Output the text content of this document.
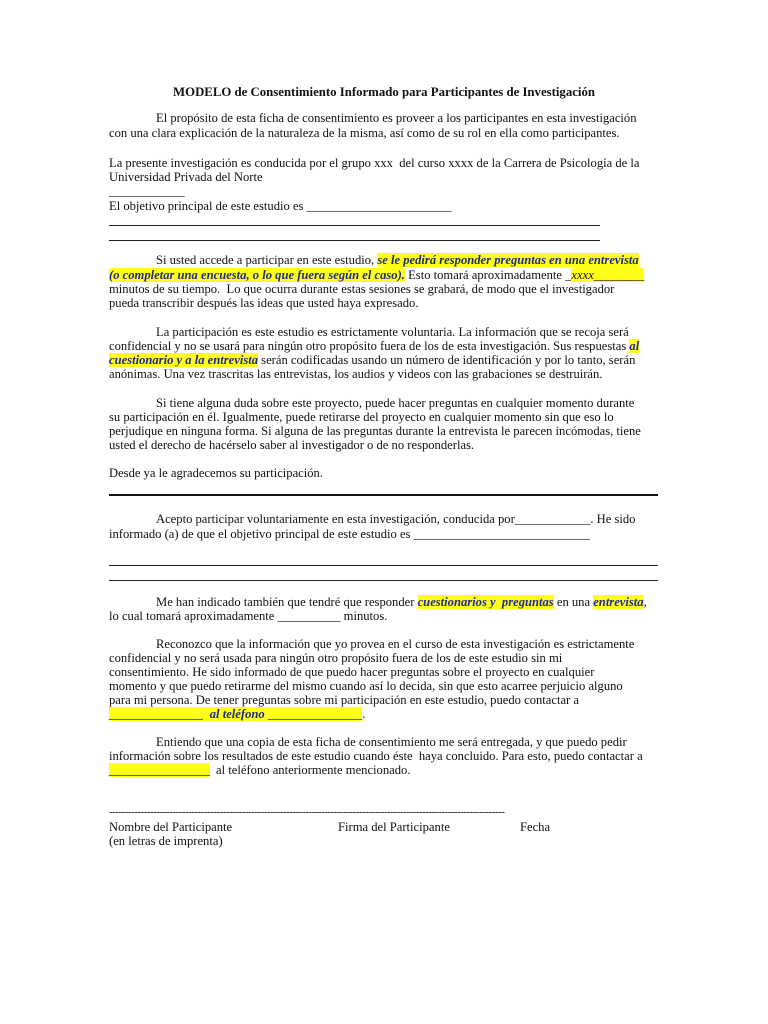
MODELO de Consentimiento Informado para Participantes de Investigación
El propósito de esta ficha de consentimiento es proveer a los participantes en esta investigación
con una clara explicación de la naturaleza de la misma, así como de su rol en ella como participantes.
La presente investigación es conducida por el grupo xxx  del curso xxxx de la Carrera de Psicología de la
Universidad Privada del Norte
____________
El objetivo principal de este estudio es _______________________
Si usted accede a participar en este estudio, se le pedirá responder preguntas en una entrevista
(o completar una encuesta, o lo que fuera según el caso). Esto tomará aproximadamente _xxxx________
minutos de su tiempo.  Lo que ocurra durante estas sesiones se grabará, de modo que el investigador
pueda transcribir después las ideas que usted haya expresado.
La participación es este estudio es estrictamente voluntaria. La información que se recoja será
confidencial y no se usará para ningún otro propósito fuera de los de esta investigación. Sus respuestas al
cuestionario y a la entrevista serán codificadas usando un número de identificación y por lo tanto, serán
anónimas. Una vez trascritas las entrevistas, los audios y videos con las grabaciones se destruirán.
Si tiene alguna duda sobre este proyecto, puede hacer preguntas en cualquier momento durante
su participación en él. Igualmente, puede retirarse del proyecto en cualquier momento sin que eso lo
perjudique en ninguna forma. Si alguna de las preguntas durante la entrevista le parecen incómodas, tiene
usted el derecho de hacérselo saber al investigador o de no responderlas.
Desde ya le agradecemos su participación.
Acepto participar voluntariamente en esta investigación, conducida por____________. He sido
informado (a) de que el objetivo principal de este estudio es ____________________________
Me han indicado también que tendré que responder cuestionarios y  preguntas en una entrevista,
lo cual tomará aproximadamente __________ minutos.
Reconozco que la información que yo provea en el curso de esta investigación es estrictamente
confidencial y no será usada para ningún otro propósito fuera de los de este estudio sin mi
consentimiento. He sido informado de que puedo hacer preguntas sobre el proyecto en cualquier
momento y que puedo retirarme del mismo cuando así lo decida, sin que esto acarree perjuicio alguno
para mi persona. De tener preguntas sobre mi participación en este estudio, puedo contactar a
_______________  al teléfono _______________.
Entiendo que una copia de esta ficha de consentimiento me será entregada, y que puedo pedir
información sobre los resultados de este estudio cuando éste  haya concluido. Para esto, puedo contactar a
________________  al teléfono anteriormente mencionado.
-----------------------------------------------------------------------------------------------------------------------------
Nombre del Participante	Firma del Participante	Fecha
(en letras de imprenta)
